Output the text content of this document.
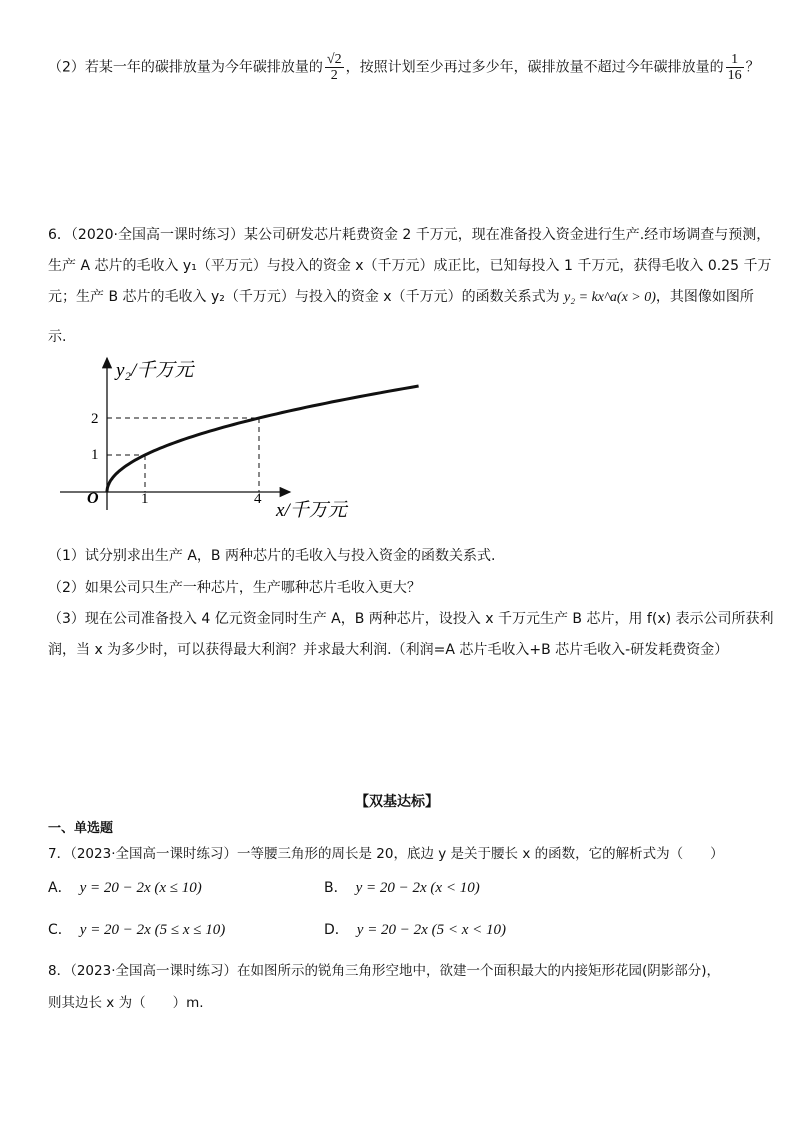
（2）若某一年的碳排放量为今年碳排放量的 $\frac{√2}{2}$ ，按照计划至少再过多少年，碳排放量不超过今年碳排放量的 $\frac{1}{16}$ ？
6．（2020·全国高一课时练习）某公司研发芯片耗费资金 2 千万元，现在准备投入资金进行生产.经市场调查与预测，
生产 A 芯片的毛收入 y₁（平万元）与投入的资金 x（千万元）成正比，已知每投入 1 千万元，获得毛收入 0.25 千万
元；生产 B 芯片的毛收入 y₂（千万元）与投入的资金 x（千万元）的函数关系式为 y₂ = kx^a(x > 0)，其图像如图所
示.
y₂/千万元
x/千万元
O	1	4
1
2
（1）试分别求出生产 A，B 两种芯片的毛收入与投入资金的函数关系式.
（2）如果公司只生产一种芯片，生产哪种芯片毛收入更大？
（3）现在公司准备投入 4 亿元资金同时生产 A，B 两种芯片，设投入 x 千万元生产 B 芯片，用 f(x) 表示公司所获利
润，当 x 为多少时，可以获得最大利润？并求最大利润.（利润=A 芯片毛收入+B 芯片毛收入-研发耗费资金）
【双基达标】
一、单选题
7．（2023·全国高一课时练习）一等腰三角形的周长是 20，底边 y 是关于腰长 x 的函数，它的解析式为（　　）
A． y = 20 − 2x (x ≤ 10)	B． y = 20 − 2x (x < 10)
C． y = 20 − 2x (5 ≤ x ≤ 10)	D． y = 20 − 2x (5 < x < 10)
8．（2023·全国高一课时练习）在如图所示的锐角三角形空地中，欲建一个面积最大的内接矩形花园(阴影部分)，
则其边长 x 为（　　）m.
